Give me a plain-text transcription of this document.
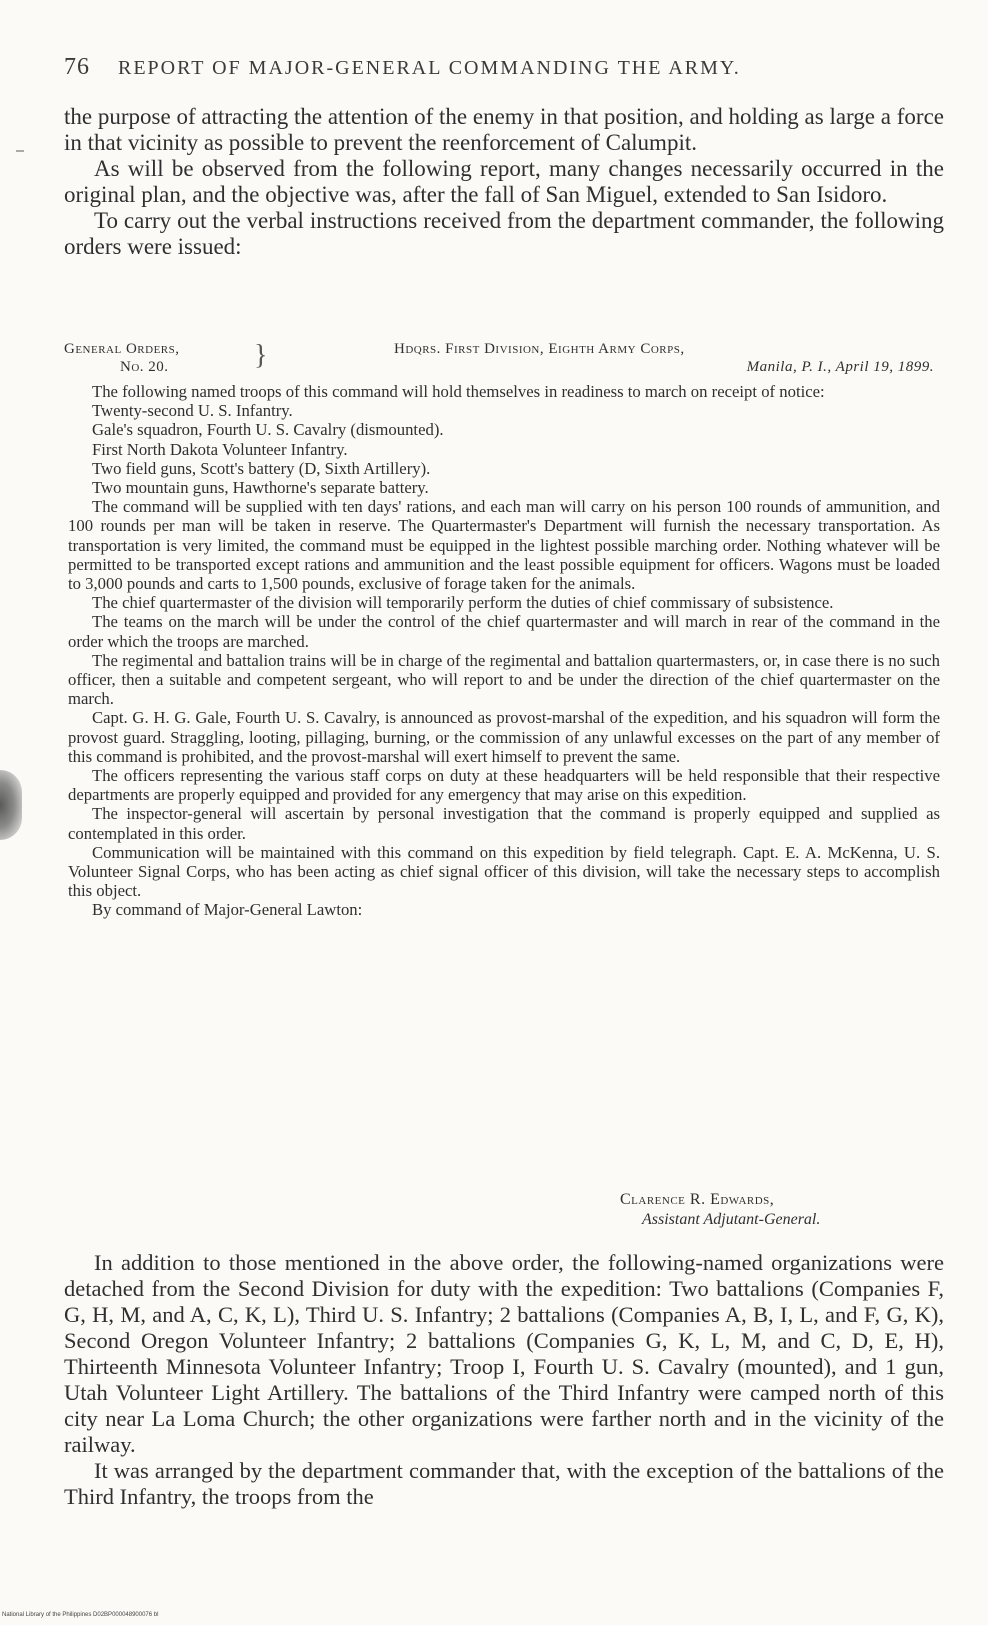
76 REPORT OF MAJOR-GENERAL COMMANDING THE ARMY.

the purpose of attracting the attention of the enemy in that position, and holding as large a force in that vicinity as possible to prevent the reenforcement of Calumpit.

As will be observed from the following report, many changes necessarily occurred in the original plan, and the objective was, after the fall of San Miguel, extended to San Isidoro.

To carry out the verbal instructions received from the department commander, the following orders were issued:

General Orders,
No. 20.	}	Hdqrs. First Division, Eighth Army Corps,
Manila, P. I., April 19, 1899.

The following named troops of this command will hold themselves in readiness to march on receipt of notice:

Twenty-second U. S. Infantry.
Gale's squadron, Fourth U. S. Cavalry (dismounted).
First North Dakota Volunteer Infantry.
Two field guns, Scott's battery (D, Sixth Artillery).
Two mountain guns, Hawthorne's separate battery.

The command will be supplied with ten days' rations, and each man will carry on his person 100 rounds of ammunition, and 100 rounds per man will be taken in reserve. The Quartermaster's Department will furnish the necessary transportation. As transportation is very limited, the command must be equipped in the lightest possible marching order. Nothing whatever will be permitted to be transported except rations and ammunition and the least possible equipment for officers. Wagons must be loaded to 3,000 pounds and carts to 1,500 pounds, exclusive of forage taken for the animals.

The chief quartermaster of the division will temporarily perform the duties of chief commissary of subsistence.

The teams on the march will be under the control of the chief quartermaster and will march in rear of the command in the order which the troops are marched.

The regimental and battalion trains will be in charge of the regimental and battalion quartermasters, or, in case there is no such officer, then a suitable and competent sergeant, who will report to and be under the direction of the chief quartermaster on the march.

Capt. G. H. G. Gale, Fourth U. S. Cavalry, is announced as provost-marshal of the expedition, and his squadron will form the provost guard. Straggling, looting, pillaging, burning, or the commission of any unlawful excesses on the part of any member of this command is prohibited, and the provost-marshal will exert himself to prevent the same.

The officers representing the various staff corps on duty at these headquarters will be held responsible that their respective departments are properly equipped and provided for any emergency that may arise on this expedition.

The inspector-general will ascertain by personal investigation that the command is properly equipped and supplied as contemplated in this order.

Communication will be maintained with this command on this expedition by field telegraph. Capt. E. A. McKenna, U. S. Volunteer Signal Corps, who has been acting as chief signal officer of this division, will take the necessary steps to accomplish this object.

By command of Major-General Lawton:

Clarence R. Edwards,
Assistant Adjutant-General.

In addition to those mentioned in the above order, the following-named organizations were detached from the Second Division for duty with the expedition: Two battalions (Companies F, G, H, M, and A, C, K, L), Third U. S. Infantry; 2 battalions (Companies A, B, I, L, and F, G, K), Second Oregon Volunteer Infantry; 2 battalions (Companies G, K, L, M, and C, D, E, H), Thirteenth Minnesota Volunteer Infantry; Troop I, Fourth U. S. Cavalry (mounted), and 1 gun, Utah Volunteer Light Artillery. The battalions of the Third Infantry were camped north of this city near La Loma Church; the other organizations were farther north and in the vicinity of the railway.

It was arranged by the department commander that, with the exception of the battalions of the Third Infantry, the troops from the

National Library of the Philippines D02BP000048900076 bl
